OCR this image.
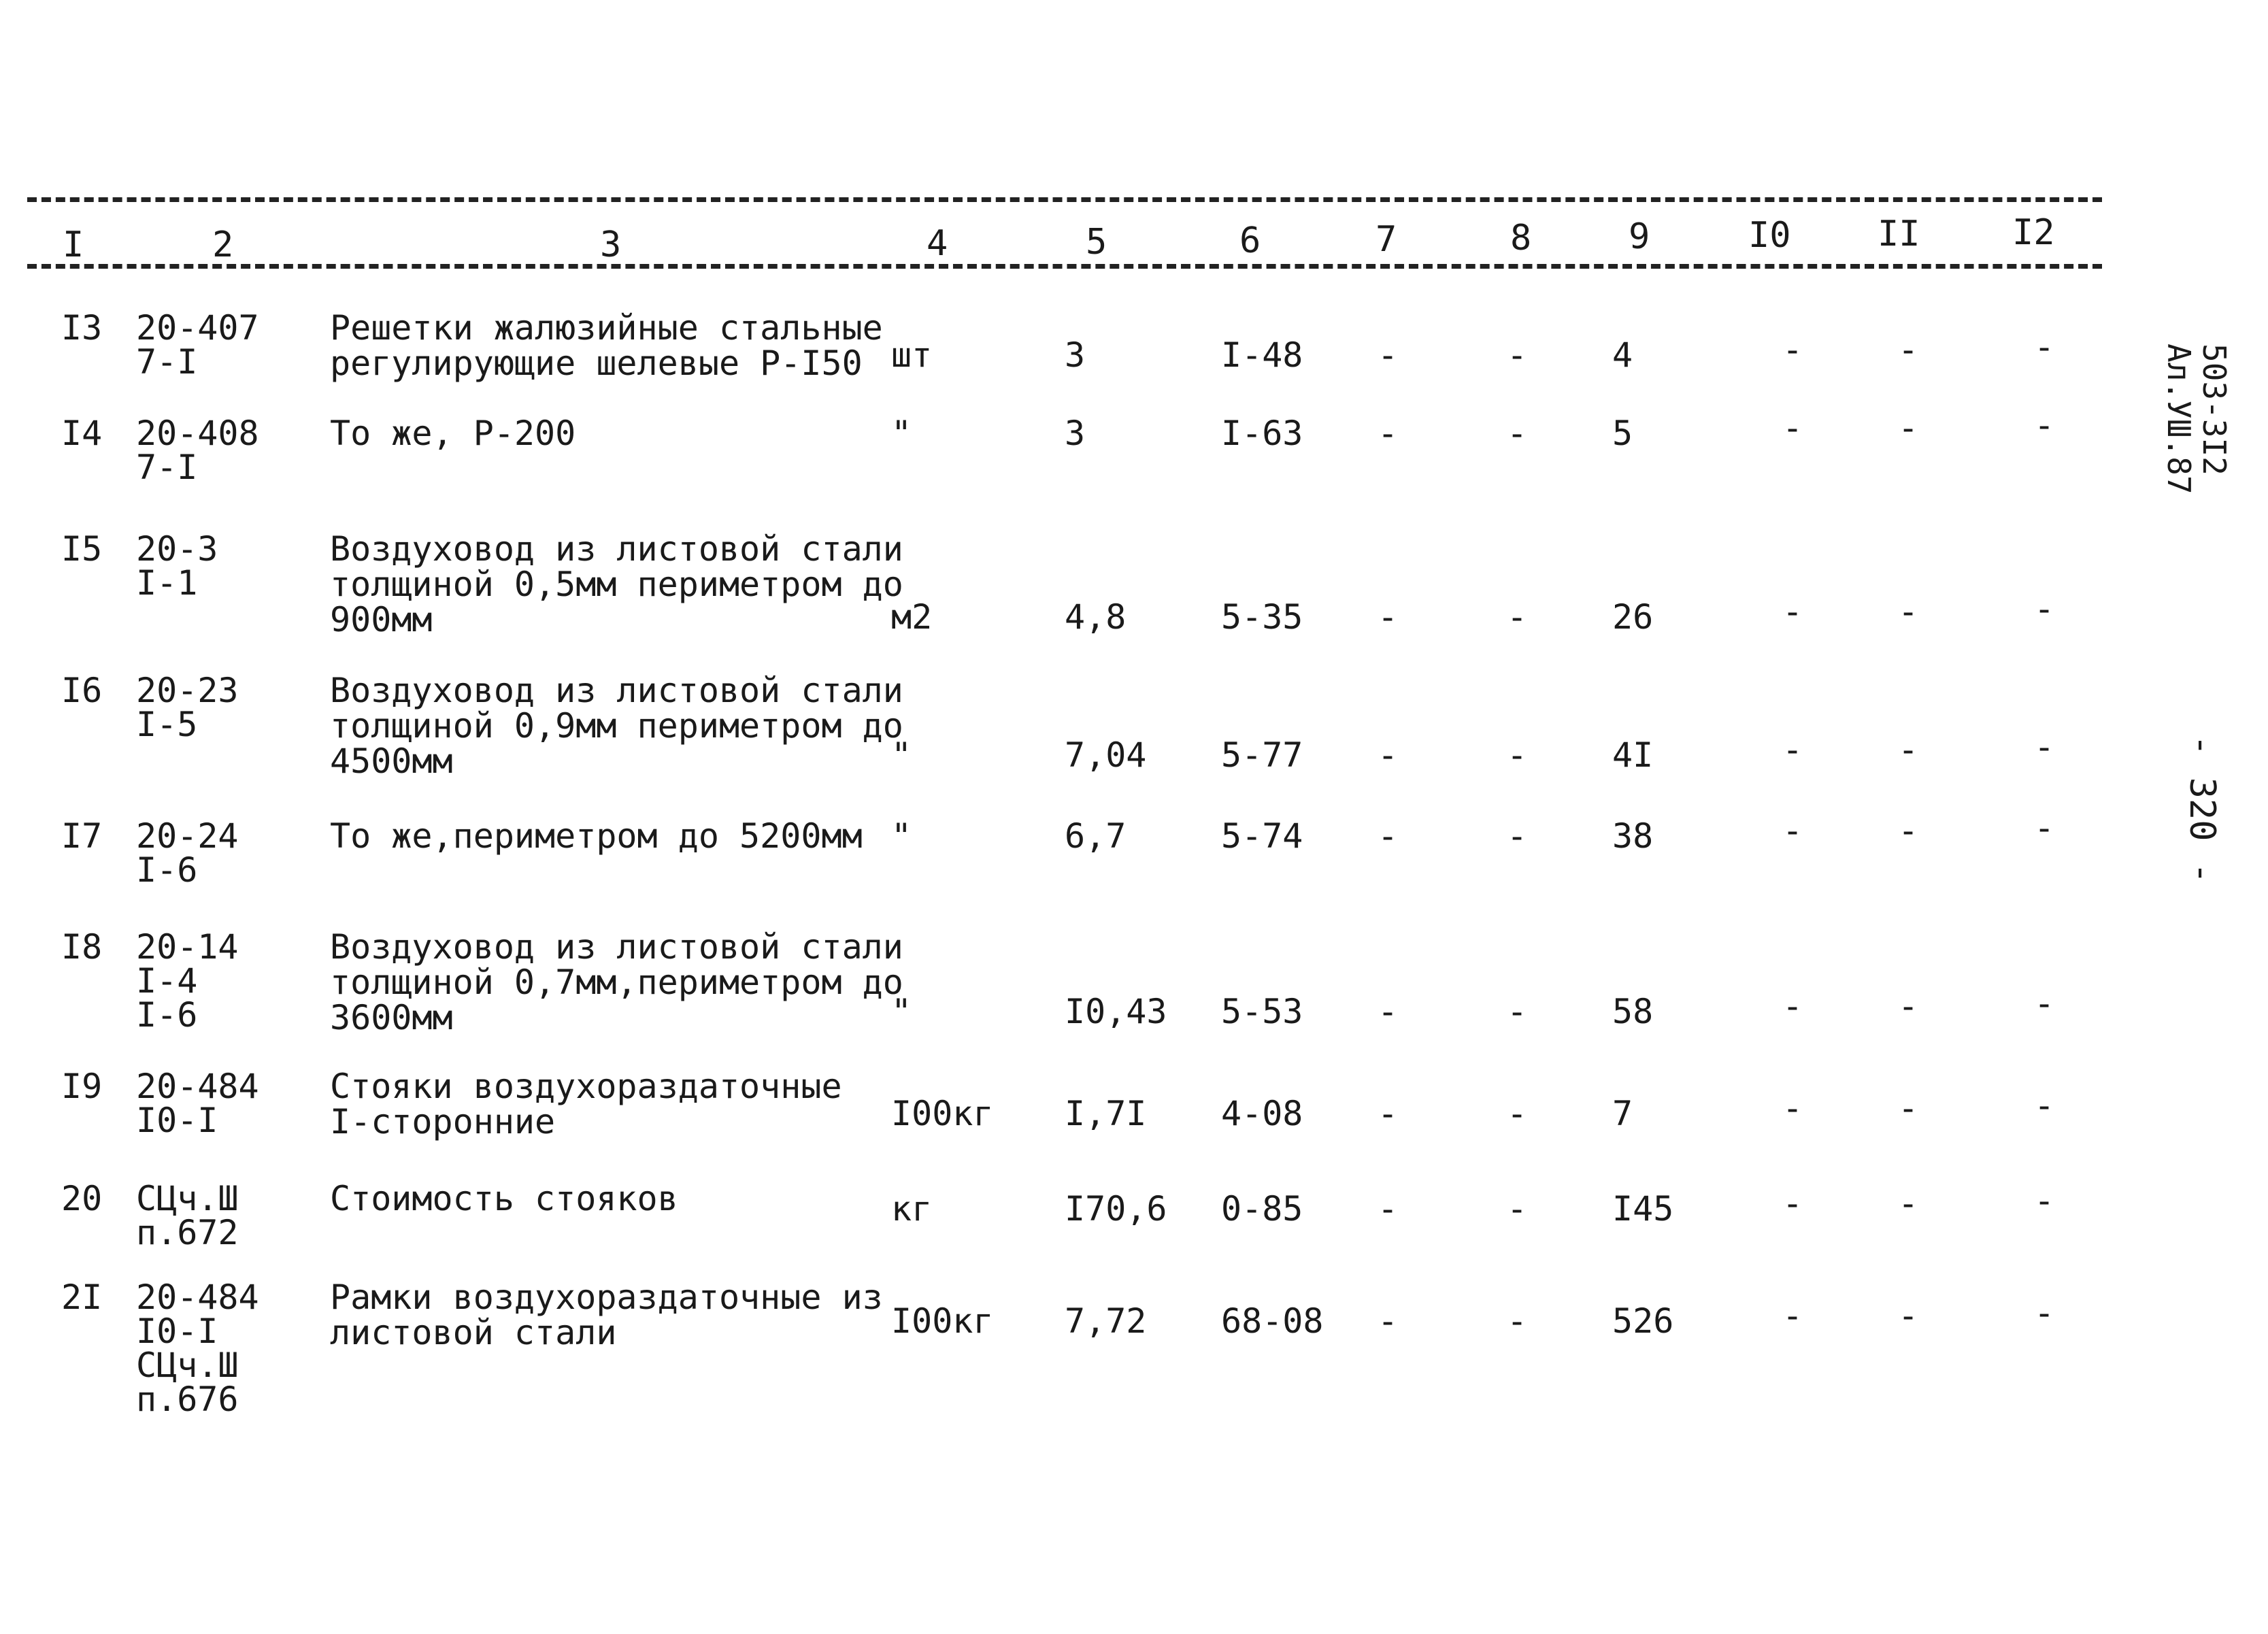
I	2	3	4	5	6	7	8	9	I0 II	I2
I3 20-407
7-I
Решетки жалюзийные стальные
регулирующие шелевые Р-I50 шт	3	I-48 -	- 4	-	-	-
I4 20-408
7-I
То же, Р-200	"	3	I-63 -	- 5	-	-	-
I5 20-3
I-1
Воздуховод из листовой стали
толщиной 0,5мм периметром до
900мм	м2	4,8	5-35 -	- 26	-	-	-
I6 20-23
I-5
Воздуховод из листовой стали
толщиной 0,9мм периметром до
4500мм	"	7,04 5-77 -	- 4I	-	-	-
I7 20-24
I-6
То же,периметром до 5200мм "	6,7	5-74 -	- 38	-	-	-
I8 20-14
I-4
I-6
Воздуховод из листовой стали
толщиной 0,7мм,периметром до
3600мм	"	I0,43 5-53 -	- 58	-	-	-
I9 20-484
I0-I
Стояки воздухораздаточные
I-сторонние	I00кг I,7I 4-08 -	- 7	-	-	-
20 СЦч.Ш
п.672
Стоимость стояков	кг	I70,6 0-85 -	- I45	-	-	-
2I 20-484
I0-I
СЦч.Ш
п.676
Рамки воздухораздаточные из
листовой стали	I00кг 7,72 68-08 -	- 526	-	-	-
503-3I2
Ал.УШ.87
- 320 -
